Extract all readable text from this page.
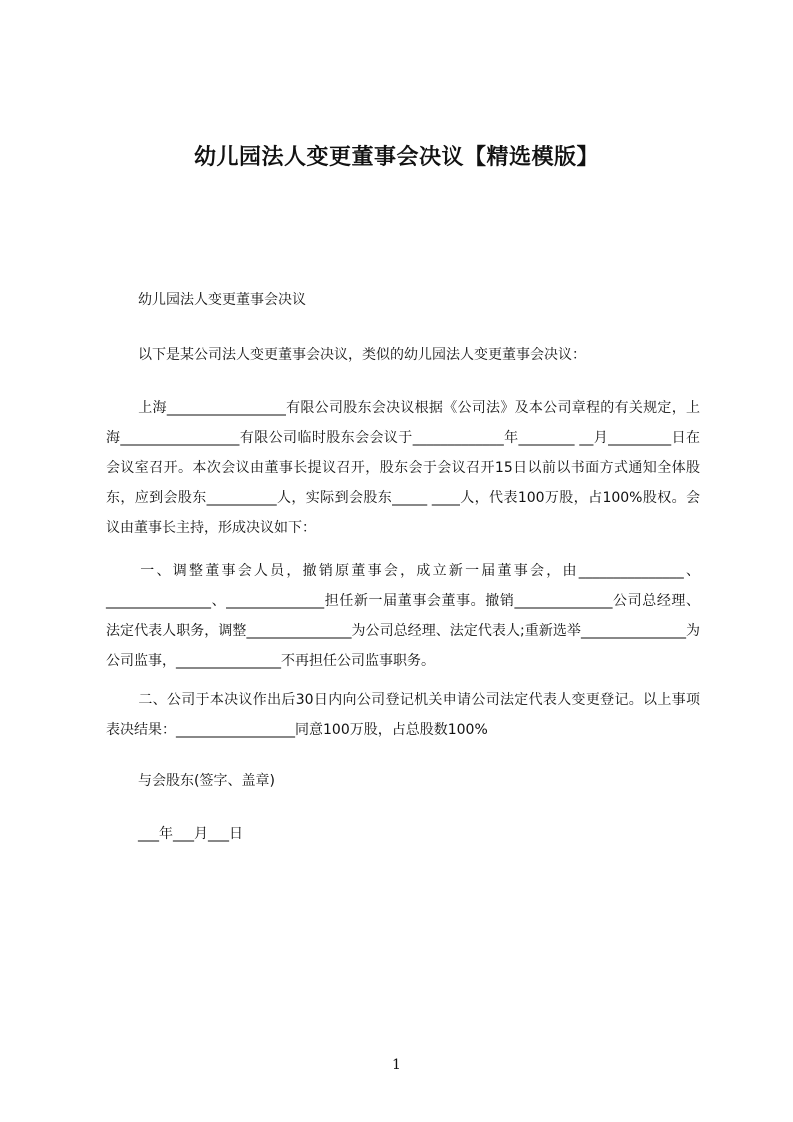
幼儿园法人变更董事会决议【精选模版】
幼儿园法人变更董事会决议
以下是某公司法人变更董事会决议，类似的幼儿园法人变更董事会决议：
上海_________________有限公司股东会决议根据《公司法》及本公司章程的有关规定，上海_________________有限公司临时股东会会议于_____________年________ __月_________日在会议室召开。本次会议由董事长提议召开，股东会于会议召开15日以前以书面方式通知全体股东，应到会股东__________人，实际到会股东_____ ____人，代表100万股，占100%股权。会议由董事长主持，形成决议如下：
一、调整董事会人员，撤销原董事会，成立新一届董事会，由_______________、_______________、______________担任新一届董事会董事。撤销______________公司总经理、法定代表人职务，调整_______________为公司总经理、法定代表人;重新选举_______________为公司监事，_______________不再担任公司监事职务。
二、公司于本决议作出后30日内向公司登记机关申请公司法定代表人变更登记。以上事项表决结果：_________________同意100万股，占总股数100%
与会股东(签字、盖章)
___年___月___日
1
